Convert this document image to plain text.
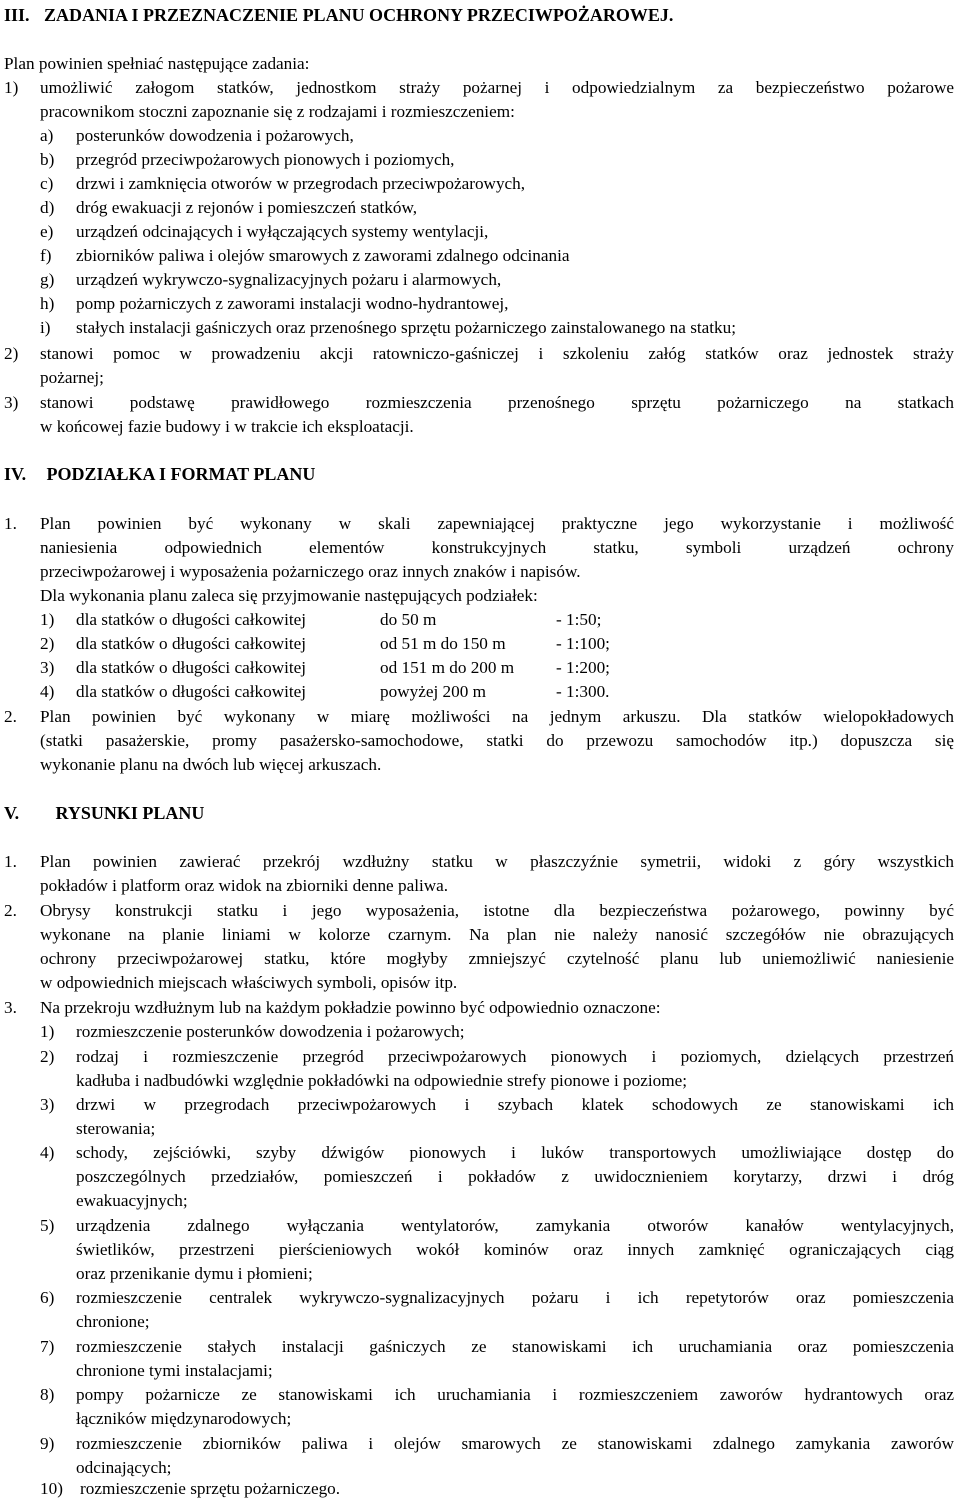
III. ZADANIA I PRZEZNACZENIE PLANU OCHRONY PRZECIWPOŻAROWEJ.
Plan powinien spełniać następujące zadania:
1) umożliwić załogom statków, jednostkom straży pożarnej i odpowiedzialnym za bezpieczeństwo pożarowe
pracownikom stoczni zapoznanie się z rodzajami i rozmieszczeniem:
a) posterunków dowodzenia i pożarowych,
b) przegród przeciwpożarowych pionowych i poziomych,
c) drzwi i zamknięcia otworów w przegrodach przeciwpożarowych,
d) dróg ewakuacji z rejonów i pomieszczeń statków,
e) urządzeń odcinających i wyłączających systemy wentylacji,
f) zbiorników paliwa i olejów smarowych z zaworami zdalnego odcinania
g) urządzeń wykrywczo-sygnalizacyjnych pożaru i alarmowych,
h) pomp pożarniczych z zaworami instalacji wodno-hydrantowej,
i) stałych instalacji gaśniczych oraz przenośnego sprzętu pożarniczego zainstalowanego na statku;
2) stanowi pomoc w prowadzeniu akcji ratowniczo-gaśniczej i szkoleniu załóg statków oraz jednostek straży
pożarnej;
3) stanowi podstawę prawidłowego rozmieszczenia przenośnego sprzętu pożarniczego na statkach
w końcowej fazie budowy i w trakcie ich eksploatacji.
IV. PODZIAŁKA I FORMAT PLANU
1. Plan powinien być wykonany w skali zapewniającej praktyczne jego wykorzystanie i możliwość
naniesienia odpowiednich elementów konstrukcyjnych statku, symboli urządzeń ochrony
przeciwpożarowej i wyposażenia pożarniczego oraz innych znaków i napisów.
Dla wykonania planu zaleca się przyjmowanie następujących podziałek:
1) dla statków o długości całkowitej	do 50 m	- 1:50;
2) dla statków o długości całkowitej	od 51 m do 150 m	- 1:100;
3) dla statków o długości całkowitej	od 151 m do 200 m - 1:200;
4) dla statków o długości całkowitej	powyżej 200 m	- 1:300.
2. Plan powinien być wykonany w miarę możliwości na jednym arkuszu. Dla statków wielopokładowych
(statki pasażerskie, promy pasażersko-samochodowe, statki do przewozu samochodów itp.) dopuszcza się
wykonanie planu na dwóch lub więcej arkuszach.
V. RYSUNKI PLANU
1. Plan powinien zawierać przekrój wzdłużny statku w płaszczyźnie symetrii, widoki z góry wszystkich
pokładów i platform oraz widok na zbiorniki denne paliwa.
2. Obrysy konstrukcji statku i jego wyposażenia, istotne dla bezpieczeństwa pożarowego, powinny być
wykonane na planie liniami w kolorze czarnym. Na plan nie należy nanosić szczegółów nie obrazujących
ochrony przeciwpożarowej statku, które mogłyby zmniejszyć czytelność planu lub uniemożliwić naniesienie
w odpowiednich miejscach właściwych symboli, opisów itp.
3. Na przekroju wzdłużnym lub na każdym pokładzie powinno być odpowiednio oznaczone:
1) rozmieszczenie posterunków dowodzenia i pożarowych;
2) rodzaj i rozmieszczenie przegród przeciwpożarowych pionowych i poziomych, dzielących przestrzeń
kadłuba i nadbudówki względnie pokładówki na odpowiednie strefy pionowe i poziome;
3) drzwi w przegrodach przeciwpożarowych i szybach klatek schodowych ze stanowiskami ich
sterowania;
4) schody, zejściówki, szyby dźwigów pionowych i luków transportowych umożliwiające dostęp do
poszczególnych przedziałów, pomieszczeń i pokładów z uwidocznieniem korytarzy, drzwi i dróg
ewakuacyjnych;
5) urządzenia zdalnego wyłączania wentylatorów, zamykania otworów kanałów wentylacyjnych,
świetlików, przestrzeni pierścieniowych wokół kominów oraz innych zamknięć ograniczających ciąg
oraz przenikanie dymu i płomieni;
6) rozmieszczenie centralek wykrywczo-sygnalizacyjnych pożaru i ich repetytorów oraz pomieszczenia
chronione;
7) rozmieszczenie stałych instalacji gaśniczych ze stanowiskami ich uruchamiania oraz pomieszczenia
chronione tymi instalacjami;
8) pompy pożarnicze ze stanowiskami ich uruchamiania i rozmieszczeniem zaworów hydrantowych oraz
łączników międzynarodowych;
9) rozmieszczenie zbiorników paliwa i olejów smarowych ze stanowiskami zdalnego zamykania zaworów
odcinających;
10) rozmieszczenie sprzętu pożarniczego.
